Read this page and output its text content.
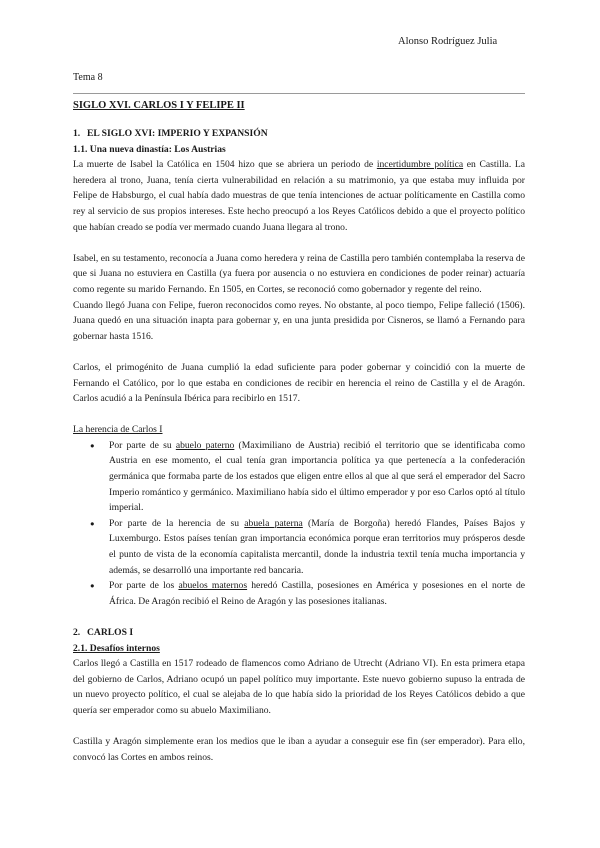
Alonso Rodríguez Julia
Tema 8
SIGLO XVI. CARLOS I Y FELIPE II

1. EL SIGLO XVI: IMPERIO Y EXPANSIÓN

1.1. Una nueva dinastía: Los Austrias

La muerte de Isabel la Católica en 1504 hizo que se abriera un periodo de incertidumbre política en Castilla. La heredera al trono, Juana, tenía cierta vulnerabilidad en relación a su matrimonio, ya que estaba muy influida por Felipe de Habsburgo, el cual había dado muestras de que tenía intenciones de actuar políticamente en Castilla como rey al servicio de sus propios intereses. Este hecho preocupó a los Reyes Católicos debido a que el proyecto político que habían creado se podía ver mermado cuando Juana llegara al trono.

Isabel, en su testamento, reconocía a Juana como heredera y reina de Castilla pero también contemplaba la reserva de que si Juana no estuviera en Castilla (ya fuera por ausencia o no estuviera en condiciones de poder reinar) actuaría como regente su marido Fernando. En 1505, en Cortes, se reconoció como gobernador y regente del reino.

Cuando llegó Juana con Felipe, fueron reconocidos como reyes. No obstante, al poco tiempo, Felipe falleció (1506). Juana quedó en una situación inapta para gobernar y, en una junta presidida por Cisneros, se llamó a Fernando para gobernar hasta 1516.

Carlos, el primogénito de Juana cumplió la edad suficiente para poder gobernar y coincidió con la muerte de Fernando el Católico, por lo que estaba en condiciones de recibir en herencia el reino de Castilla y el de Aragón. Carlos acudió a la Península Ibérica para recibirlo en 1517.

La herencia de Carlos I

● Por parte de su abuelo paterno (Maximiliano de Austria) recibió el territorio que se identificaba como Austria en ese momento, el cual tenía gran importancia política ya que pertenecía a la confederación germánica que formaba parte de los estados que eligen entre ellos al que al que será el emperador del Sacro Imperio romántico y germánico. Maximiliano había sido el último emperador y por eso Carlos optó al título imperial.
● Por parte de la herencia de su abuela paterna (María de Borgoña) heredó Flandes, Países Bajos y Luxemburgo. Estos países tenían gran importancia económica porque eran territorios muy prósperos desde el punto de vista de la economía capitalista mercantil, donde la industria textil tenía mucha importancia y además, se desarrolló una importante red bancaria.
● Por parte de los abuelos maternos heredó Castilla, posesiones en América y posesiones en el norte de África. De Aragón recibió el Reino de Aragón y las posesiones italianas.

2. CARLOS I

2.1. Desafíos internos

Carlos llegó a Castilla en 1517 rodeado de flamencos como Adriano de Utrecht (Adriano VI). En esta primera etapa del gobierno de Carlos, Adriano ocupó un papel político muy importante. Este nuevo gobierno supuso la entrada de un nuevo proyecto político, el cual se alejaba de lo que había sido la prioridad de los Reyes Católicos debido a que quería ser emperador como su abuelo Maximiliano.

Castilla y Aragón simplemente eran los medios que le iban a ayudar a conseguir ese fin (ser emperador). Para ello, convocó las Cortes en ambos reinos.
